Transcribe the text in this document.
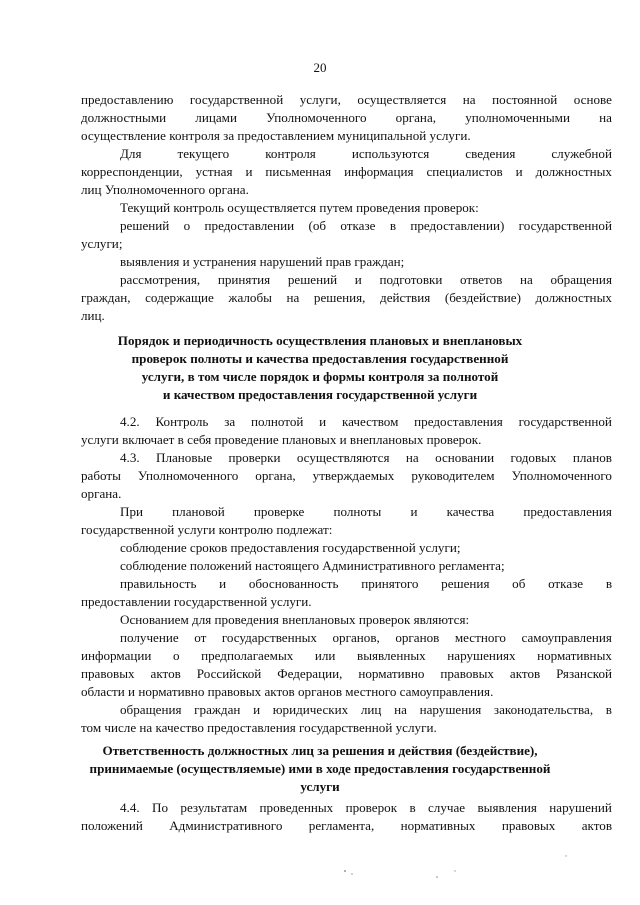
20
предоставлению государственной услуги, осуществляется на постоянной основе
должностными лицами Уполномоченного органа, уполномоченными на
осуществление контроля за предоставлением муниципальной услуги.
Для	текущего	контроля	используются	сведения	служебной
корреспонденции, устная и письменная информация специалистов и должностных
лиц Уполномоченного органа.
Текущий контроль осуществляется путем проведения проверок:
решений о предоставлении (об отказе в предоставлении) государственной
услуги;
выявления и устранения нарушений прав граждан;
рассмотрения, принятия решений и подготовки ответов на обращения
граждан, содержащие жалобы на решения, действия (бездействие) должностных
лиц.
Порядок и периодичность осуществления плановых и внеплановых
проверок полноты и качества предоставления государственной
услуги, в том числе порядок и формы контроля за полнотой
и качеством предоставления государственной услуги
4.2. Контроль за полнотой и качеством предоставления государственной
услуги включает в себя проведение плановых и внеплановых проверок.
4.3. Плановые проверки осуществляются на основании годовых планов
работы Уполномоченного органа, утверждаемых руководителем Уполномоченного
органа.
При плановой проверке полноты и качества предоставления
государственной услуги контролю подлежат:
соблюдение сроков предоставления государственной услуги;
соблюдение положений настоящего Административного регламента;
правильность и обоснованность принятого решения об отказе в
предоставлении государственной услуги.
Основанием для проведения внеплановых проверок являются:
получение от государственных органов, органов местного самоуправления
информации о предполагаемых или выявленных нарушениях нормативных
правовых актов Российской Федерации, нормативно правовых актов Рязанской
области и нормативно правовых актов органов местного самоуправления.
обращения граждан и юридических лиц на нарушения законодательства, в
том числе на качество предоставления государственной услуги.
Ответственность должностных лиц за решения и действия (бездействие),
принимаемые (осуществляемые) ими в ходе предоставления государственной
услуги
4.4. По результатам проведенных проверок в случае выявления нарушений
положений Административного регламента, нормативных правовых актов
